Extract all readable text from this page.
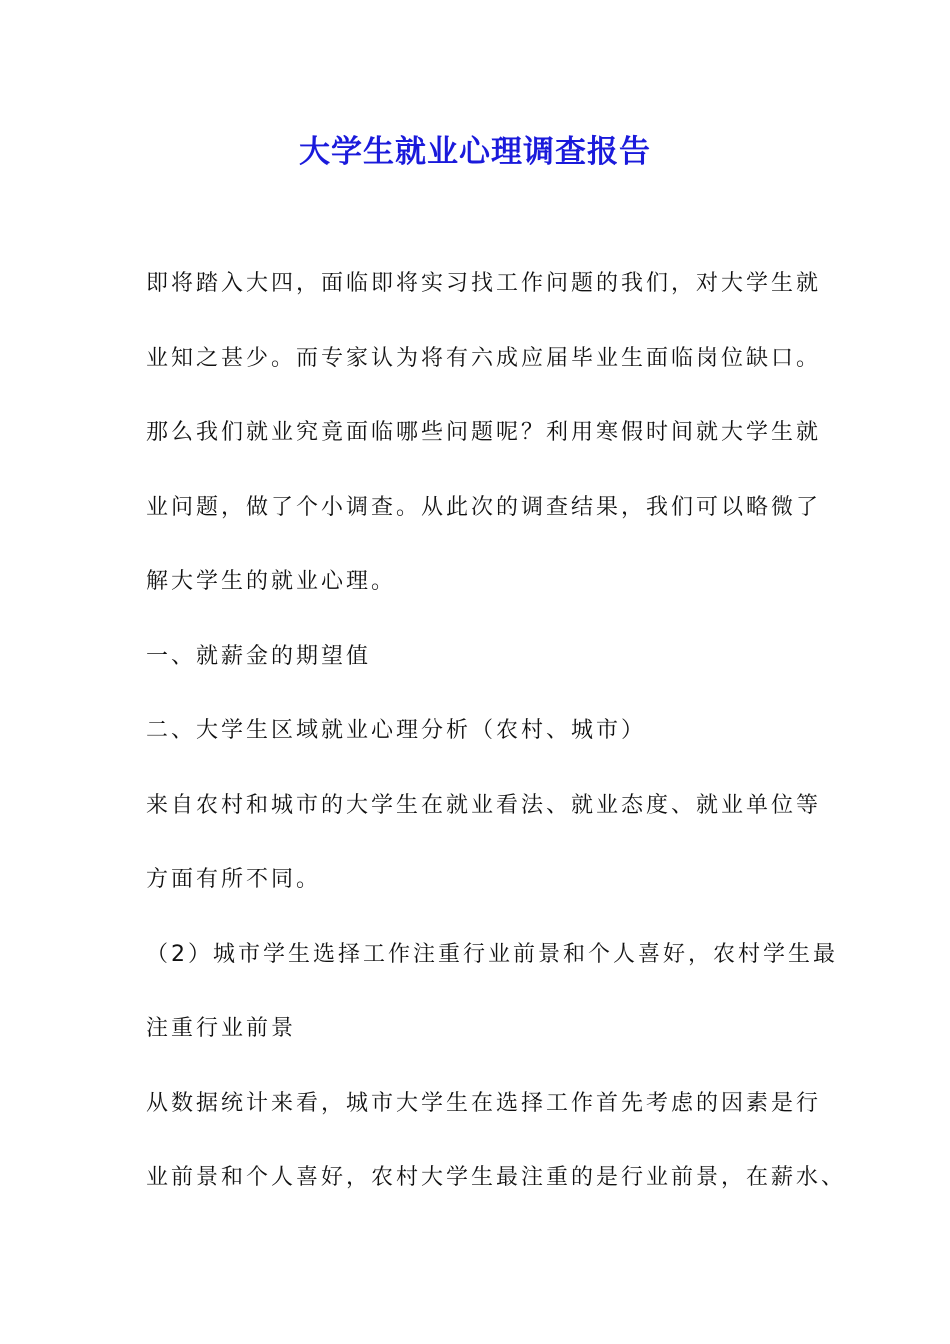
大学生就业心理调查报告
即将踏入大四，面临即将实习找工作问题的我们，对大学生就
业知之甚少。而专家认为将有六成应届毕业生面临岗位缺口。
那么我们就业究竟面临哪些问题呢？利用寒假时间就大学生就
业问题，做了个小调查。从此次的调查结果，我们可以略微了
解大学生的就业心理。
一、就薪金的期望值
二、大学生区域就业心理分析（农村、城市）
来自农村和城市的大学生在就业看法、就业态度、就业单位等
方面有所不同。
（2）城市学生选择工作注重行业前景和个人喜好，农村学生最
注重行业前景
从数据统计来看，城市大学生在选择工作首先考虑的因素是行
业前景和个人喜好，农村大学生最注重的是行业前景，在薪水、
